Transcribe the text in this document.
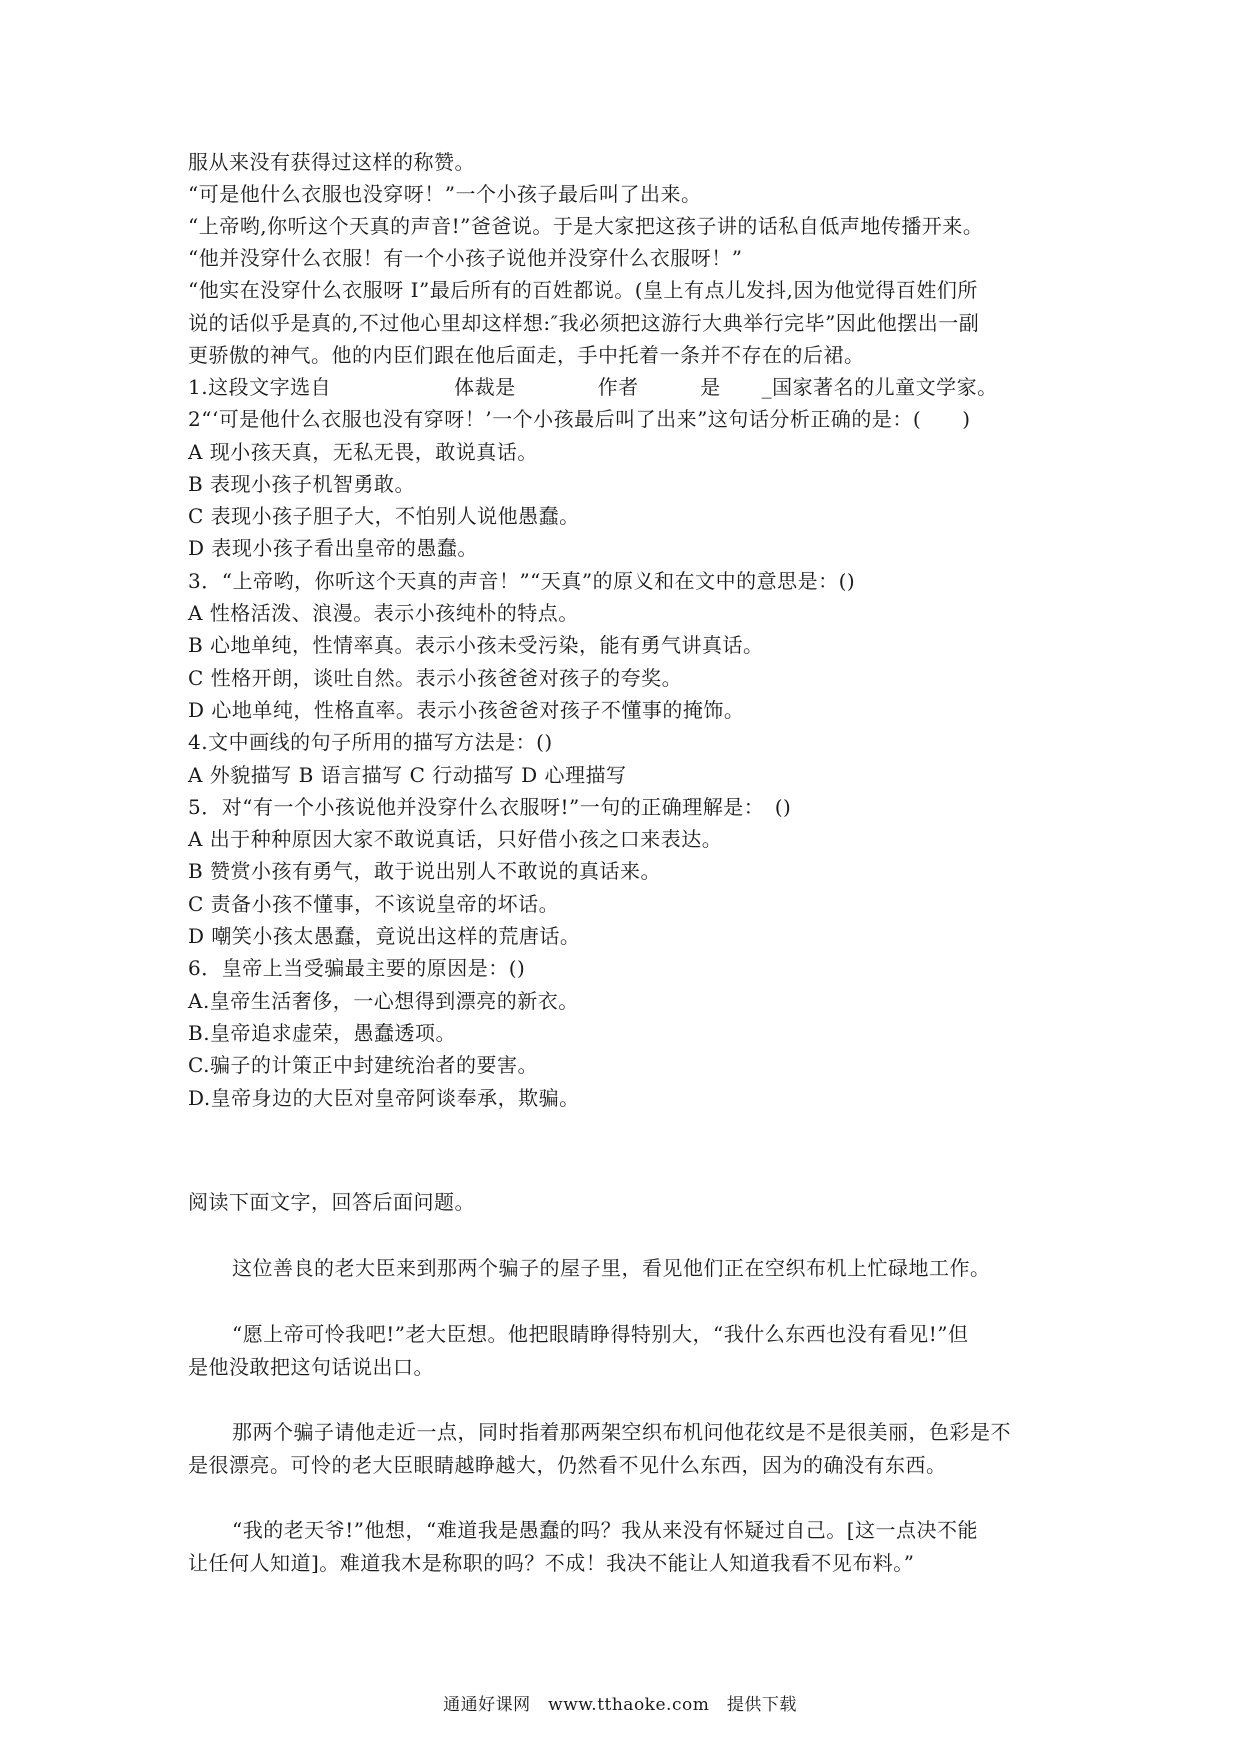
服从来没有获得过这样的称赞。
“可是他什么衣服也没穿呀！”一个小孩子最后叫了出来。
“上帝哟,你听这个天真的声音!”爸爸说。于是大家把这孩子讲的话私自低声地传播开来。
“他并没穿什么衣服！有一个小孩子说他并没穿什么衣服呀！”
“他实在没穿什么衣服呀 I”最后所有的百姓都说。(皇上有点儿发抖,因为他觉得百姓们所
说的话似乎是真的,不过他心里却这样想:″我必须把这游行大典举行完毕”因此他摆出一副
更骄傲的神气。他的内臣们跟在他后面走，手中托着一条并不存在的后裙。
1.这段文字选自　　　　　　体裁是　　　　作者　　　是　　_国家著名的儿童文学家。
2“‘可是他什么衣服也没有穿呀！’一个小孩最后叫了出来”这句话分析正确的是：(　　)
A 现小孩天真，无私无畏，敢说真话。
B 表现小孩子机智勇敢。
C 表现小孩子胆子大，不怕别人说他愚蠢。
D 表现小孩子看出皇帝的愚蠢。
3．“上帝哟，你听这个天真的声音！”“天真”的原义和在文中的意思是：()
A 性格活泼、浪漫。表示小孩纯朴的特点。
B 心地单纯，性情率真。表示小孩未受污染，能有勇气讲真话。
C 性格开朗，谈吐自然。表示小孩爸爸对孩子的夸奖。
D 心地单纯，性格直率。表示小孩爸爸对孩子不懂事的掩饰。
4.文中画线的句子所用的描写方法是：()
A 外貌描写 B 语言描写 C 行动描写 D 心理描写
5．对“有一个小孩说他并没穿什么衣服呀!”一句的正确理解是：　()
A 出于种种原因大家不敢说真话，只好借小孩之口来表达。
B 赞赏小孩有勇气，敢于说出别人不敢说的真话来。
C 责备小孩不懂事，不该说皇帝的坏话。
D 嘲笑小孩太愚蠢，竟说出这样的荒唐话。
6．皇帝上当受骗最主要的原因是：()
A.皇帝生活奢侈，一心想得到漂亮的新衣。
B.皇帝追求虚荣，愚蠢透项。
C.骗子的计策正中封建统治者的要害。
D.皇帝身边的大臣对皇帝阿谈奉承，欺骗。
阅读下面文字，回答后面问题。
这位善良的老大臣来到那两个骗子的屋子里，看见他们正在空织布机上忙碌地工作。
“愿上帝可怜我吧!”老大臣想。他把眼睛睁得特别大，“我什么东西也没有看见!”但
是他没敢把这句话说出口。
那两个骗子请他走近一点，同时指着那两架空织布机问他花纹是不是很美丽，色彩是不
是很漂亮。可怜的老大臣眼睛越睁越大，仍然看不见什么东西，因为的确没有东西。
“我的老天爷!”他想，“难道我是愚蠢的吗？我从来没有怀疑过自己。[这一点决不能
让任何人知道]。难道我木是称职的吗？不成！我决不能让人知道我看不见布料。”
通通好课网　www.tthaoke.com　提供下载
